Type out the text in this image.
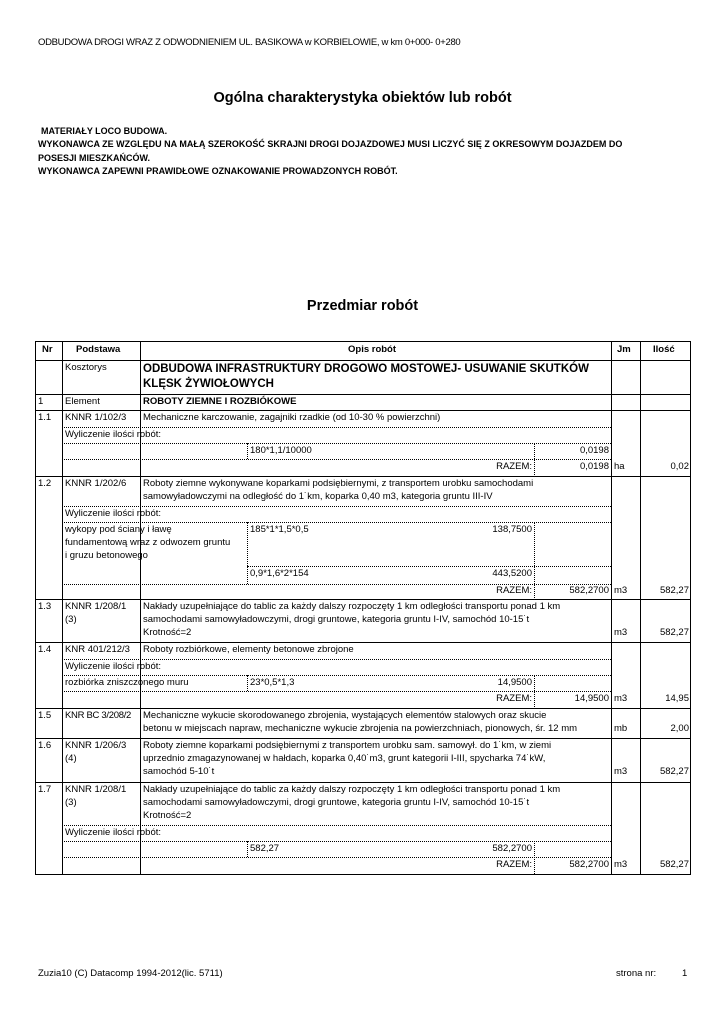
ODBUDOWA DROGI WRAZ Z ODWODNIENIEM UL. BASIKOWA w KORBIELOWIE, w km 0+000- 0+280
Ogólna charakterystyka obiektów lub robót
MATERIAŁY LOCO BUDOWA.
WYKONAWCA ZE WZGLĘDU NA MAŁĄ SZEROKOŚĆ SKRAJNI DROGI DOJAZDOWEJ MUSI LICZYĆ SIĘ Z OKRESOWYM DOJAZDEM DO
POSESJI MIESZKAŃCÓW.
WYKONAWCA ZAPEWNI PRAWIDŁOWE OZNAKOWANIE PROWADZONYCH ROBÓT.
Przedmiar robót
Nr Podstawa	Opis robót	Jm Ilość
Kosztorys	ODBUDOWA INFRASTRUKTURY DROGOWO MOSTOWEJ- USUWANIE SKUTKÓW
KLĘSK ŻYWIOŁOWYCH
1 Element	ROBOTY ZIEMNE I ROZBIÓKOWE
1.1 KNNR 1/102/3 Mechaniczne karczowanie, zagajniki rzadkie (od 10-30 % powierzchni)
Wyliczenie ilości robót:
180*1,1/10000	0,0198
RAZEM:	0,0198 ha	0,02
1.2 KNNR 1/202/6 Roboty ziemne wykonywane koparkami podsiębiernymi, z transportem urobku samochodami
samowyładowczymi na odległość do 1˙km, koparka 0,40 m3, kategoria gruntu III-IV
Wyliczenie ilości robót:
wykopy pod ściany i ławę
fundamentową wraz z odwozem gruntu
i gruzu betonowego
185*1*1,5*0,5	138,7500
0,9*1,6*2*154	443,5200
RAZEM:	582,2700 m3	582,27
1.3 KNNR 1/208/1
(3)
Nakłady uzupełniające do tablic za każdy dalszy rozpoczęty 1 km odległości transportu ponad 1 km
samochodami samowyładowczymi, drogi gruntowe, kategoria gruntu I-IV, samochód 10-15˙t
Krotność=2	m3	582,27
1.4 KNR 401/212/3 Roboty rozbiórkowe, elementy betonowe zbrojone
Wyliczenie ilości robót:
rozbiórka zniszczonego muru	23*0,5*1,3	14,9500
RAZEM:	14,9500 m3	14,95
1.5 KNR BC 3/208/2 Mechaniczne wykucie skorodowanego zbrojenia, wystających elementów stalowych oraz skucie
betonu w miejscach napraw, mechaniczne wykucie zbrojenia na powierzchniach, pionowych, śr. 12 mm	mb	2,00
1.6 KNNR 1/206/3
(4)
Roboty ziemne koparkami podsiębiernymi z transportem urobku sam. samowył. do 1˙km, w ziemi
uprzednio zmagazynowanej w hałdach, koparka 0,40˙m3, grunt kategorii I-III, spycharka 74˙kW,
samochód 5-10˙t	m3	582,27
1.7 KNNR 1/208/1
(3)
Nakłady uzupełniające do tablic za każdy dalszy rozpoczęty 1 km odległości transportu ponad 1 km
samochodami samowyładowczymi, drogi gruntowe, kategoria gruntu I-IV, samochód 10-15˙t
Krotność=2
Wyliczenie ilości robót:
582,27	582,2700
RAZEM:	582,2700 m3	582,27
Zuzia10 (C) Datacomp 1994-2012(lic. 5711)	strona nr:	1
